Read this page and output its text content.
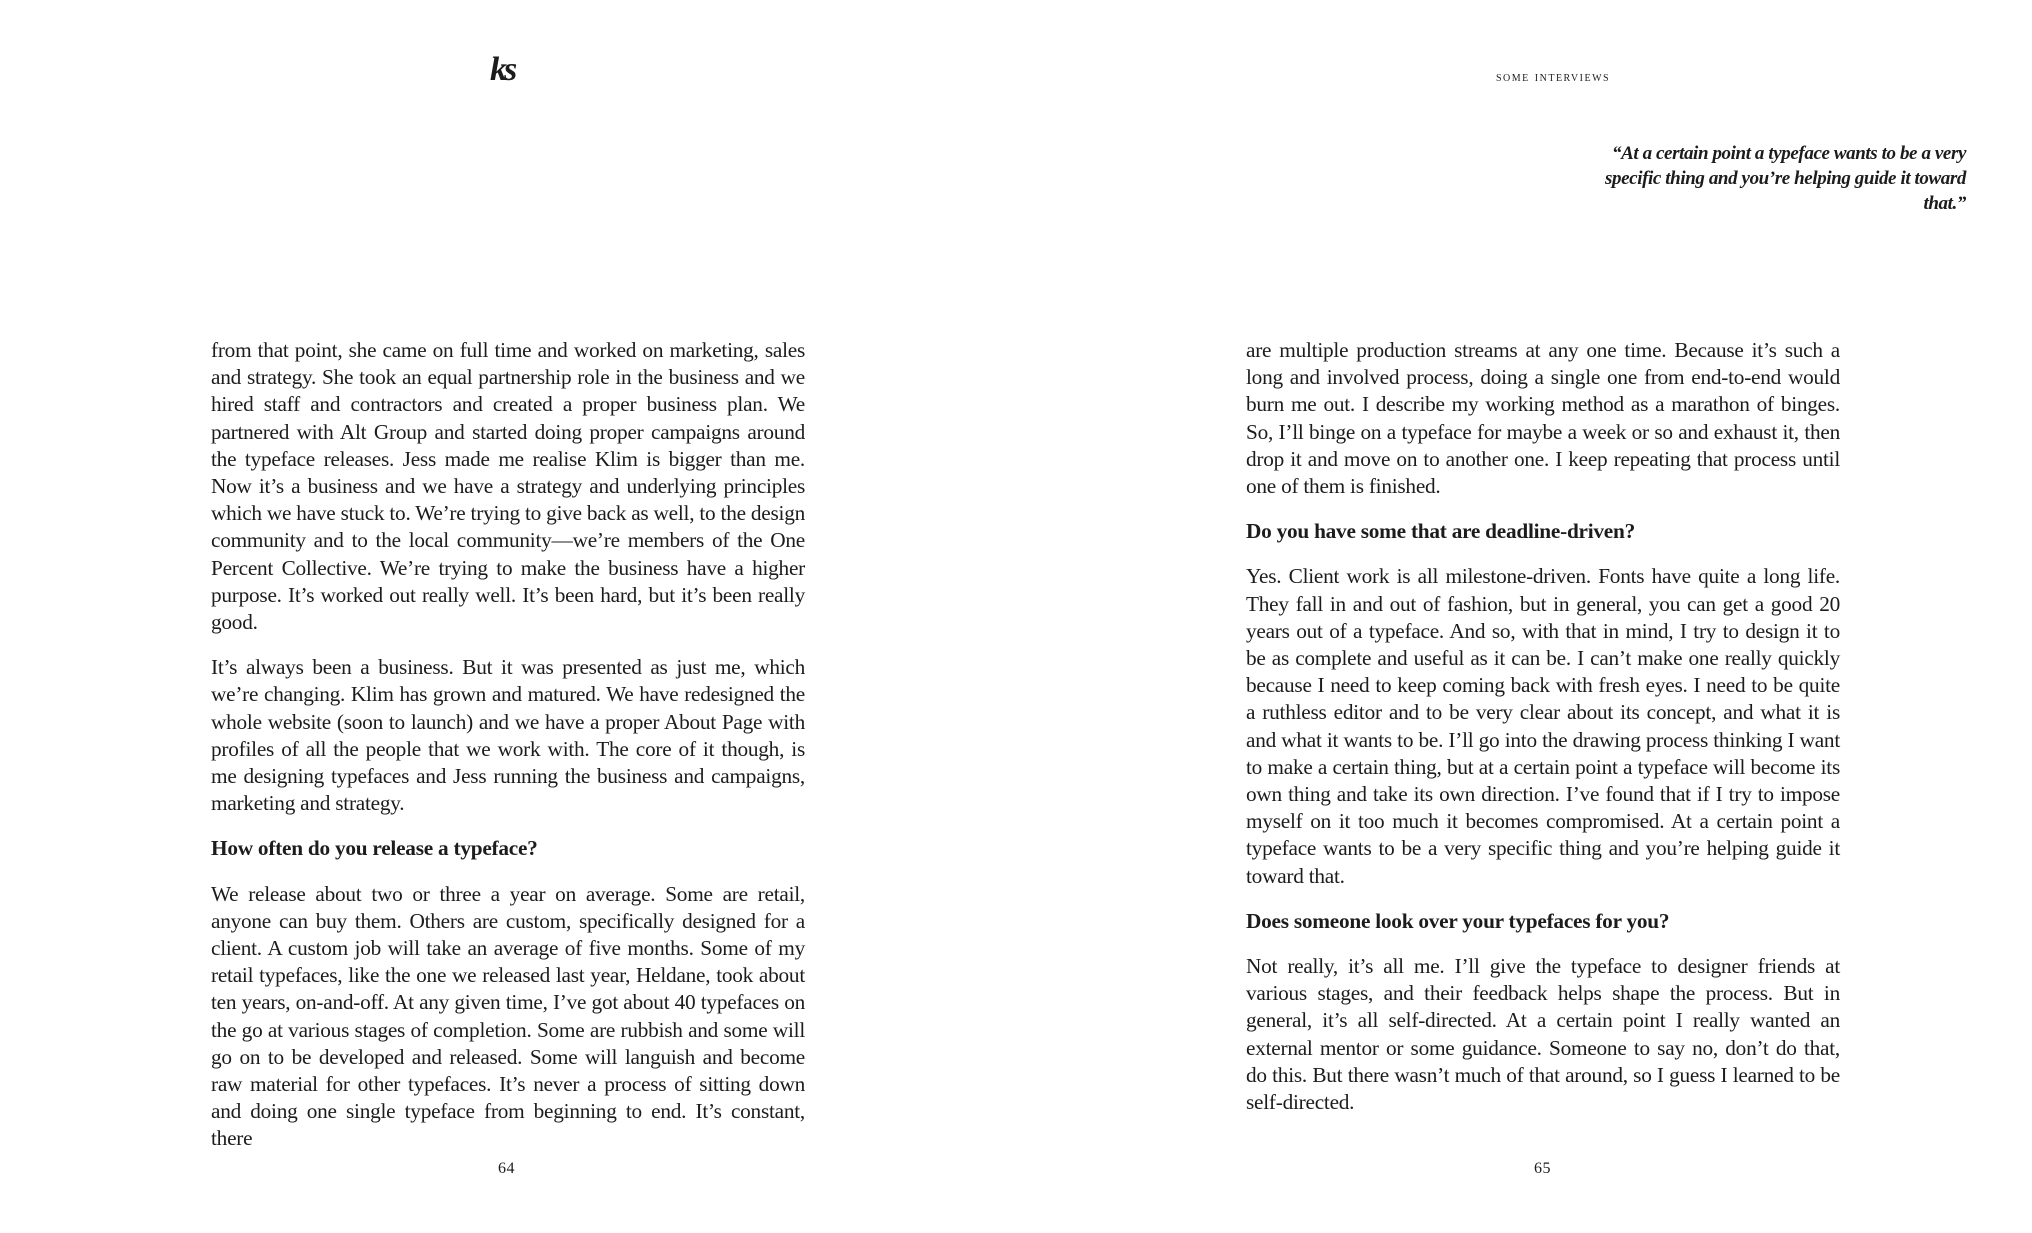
ks

from that point, she came on full time and worked on marketing, sales and strategy. She took an equal partnership role in the business and we hired staff and contractors and created a proper business plan. We partnered with Alt Group and started doing proper campaigns around the typeface releases. Jess made me realise Klim is bigger than me. Now it’s a business and we have a strategy and underlying principles which we have stuck to. We’re trying to give back as well, to the design community and to the local community—we’re members of the One Percent Collective. We’re trying to make the business have a higher purpose. It’s worked out really well. It’s been hard, but it’s been really good.

It’s always been a business. But it was presented as just me, which we’re changing. Klim has grown and matured. We have redesigned the whole website (soon to launch) and we have a proper About Page with profiles of all the people that we work with. The core of it though, is me designing typefaces and Jess running the business and campaigns, marketing and strategy.

How often do you release a typeface?

We release about two or three a year on average. Some are retail, anyone can buy them. Others are custom, specifically designed for a client. A custom job will take an average of five months. Some of my retail typefaces, like the one we released last year, Heldane, took about ten years, on-and-off. At any given time, I’ve got about 40 typefaces on the go at various stages of completion. Some are rubbish and some will go on to be developed and released. Some will languish and become raw material for other typefaces. It’s never a process of sitting down and doing one single typeface from beginning to end. It’s constant, there

64
some interviews
“At a certain point a typeface wants to be a very specific thing and you’re helping guide it toward that.”

are multiple production streams at any one time. Because it’s such a long and involved process, doing a single one from end-to-end would burn me out. I describe my working method as a marathon of binges. So, I’ll binge on a typeface for maybe a week or so and exhaust it, then drop it and move on to another one. I keep repeating that process until one of them is finished.

Do you have some that are deadline-driven?

Yes. Client work is all milestone-driven. Fonts have quite a long life. They fall in and out of fashion, but in general, you can get a good 20 years out of a typeface. And so, with that in mind, I try to design it to be as complete and useful as it can be. I can’t make one really quickly because I need to keep coming back with fresh eyes. I need to be quite a ruthless editor and to be very clear about its concept, and what it is and what it wants to be. I’ll go into the drawing process thinking I want to make a certain thing, but at a certain point a typeface will become its own thing and take its own direction. I’ve found that if I try to impose myself on it too much it becomes compromised. At a certain point a typeface wants to be a very specific thing and you’re helping guide it toward that.

Does someone look over your typefaces for you?

Not really, it’s all me. I’ll give the typeface to designer friends at various stages, and their feedback helps shape the process. But in general, it’s all self-directed. At a certain point I really wanted an external mentor or some guidance. Someone to say no, don’t do that, do this. But there wasn’t much of that around, so I guess I learned to be self-directed.

65
